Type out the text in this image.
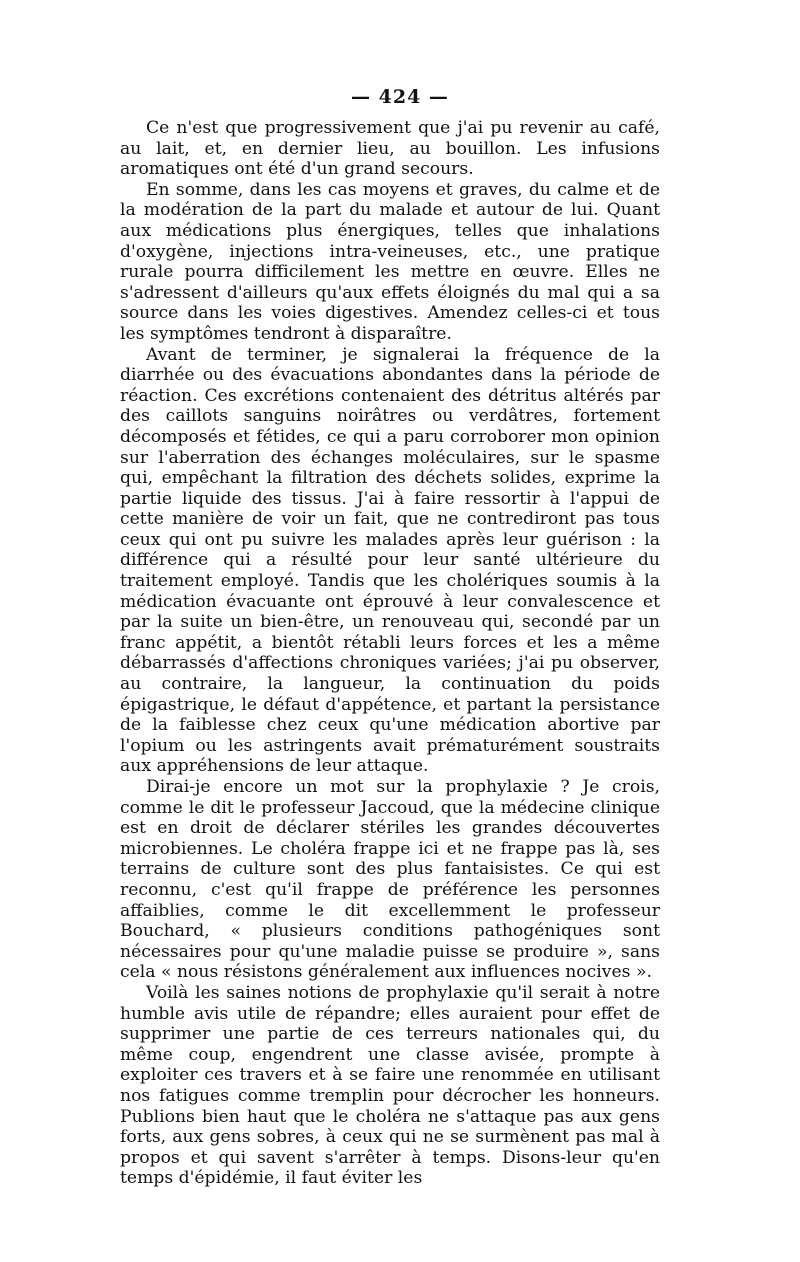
— 424 —

Ce n'est que progressivement que j'ai pu revenir au café, au lait, et, en dernier lieu, au bouillon. Les infusions aromatiques ont été d'un grand secours.

En somme, dans les cas moyens et graves, du calme et de la modération de la part du malade et autour de lui. Quant aux médications plus énergiques, telles que inhalations d'oxygène, injections intra-veineuses, etc., une pratique rurale pourra difficilement les mettre en œuvre. Elles ne s'adressent d'ailleurs qu'aux effets éloignés du mal qui a sa source dans les voies digestives. Amendez celles-ci et tous les symptômes tendront à disparaître.

Avant de terminer, je signalerai la fréquence de la diarrhée ou des évacuations abondantes dans la période de réaction. Ces excrétions contenaient des détritus altérés par des caillots sanguins noirâtres ou verdâtres, fortement décomposés et fétides, ce qui a paru corroborer mon opinion sur l'aberration des échanges moléculaires, sur le spasme qui, empêchant la filtration des déchets solides, exprime la partie liquide des tissus. J'ai à faire ressortir à l'appui de cette manière de voir un fait, que ne contrediront pas tous ceux qui ont pu suivre les malades après leur guérison : la différence qui a résulté pour leur santé ultérieure du traitement employé. Tandis que les cholériques soumis à la médication évacuante ont éprouvé à leur convalescence et par la suite un bien-être, un renouveau qui, secondé par un franc appétit, a bientôt rétabli leurs forces et les a même débarrassés d'affections chroniques variées; j'ai pu observer, au contraire, la langueur, la continuation du poids épigastrique, le défaut d'appétence, et partant la persistance de la faiblesse chez ceux qu'une médication abortive par l'opium ou les astringents avait prématurément soustraits aux appréhensions de leur attaque.

Dirai-je encore un mot sur la prophylaxie ? Je crois, comme le dit le professeur Jaccoud, que la médecine clinique est en droit de déclarer stériles les grandes découvertes microbiennes. Le choléra frappe ici et ne frappe pas là, ses terrains de culture sont des plus fantaisistes. Ce qui est reconnu, c'est qu'il frappe de préférence les personnes affaiblies, comme le dit excellemment le professeur Bouchard, « plusieurs conditions pathogéniques sont nécessaires pour qu'une maladie puisse se produire », sans cela « nous résistons généralement aux influences nocives ».

Voilà les saines notions de prophylaxie qu'il serait à notre humble avis utile de répandre; elles auraient pour effet de supprimer une partie de ces terreurs nationales qui, du même coup, engendrent une classe avisée, prompte à exploiter ces travers et à se faire une renommée en utilisant nos fatigues comme tremplin pour décrocher les honneurs. Publions bien haut que le choléra ne s'attaque pas aux gens forts, aux gens sobres, à ceux qui ne se surmènent pas mal à propos et qui savent s'arrêter à temps. Disons-leur qu'en temps d'épidémie, il faut éviter les
